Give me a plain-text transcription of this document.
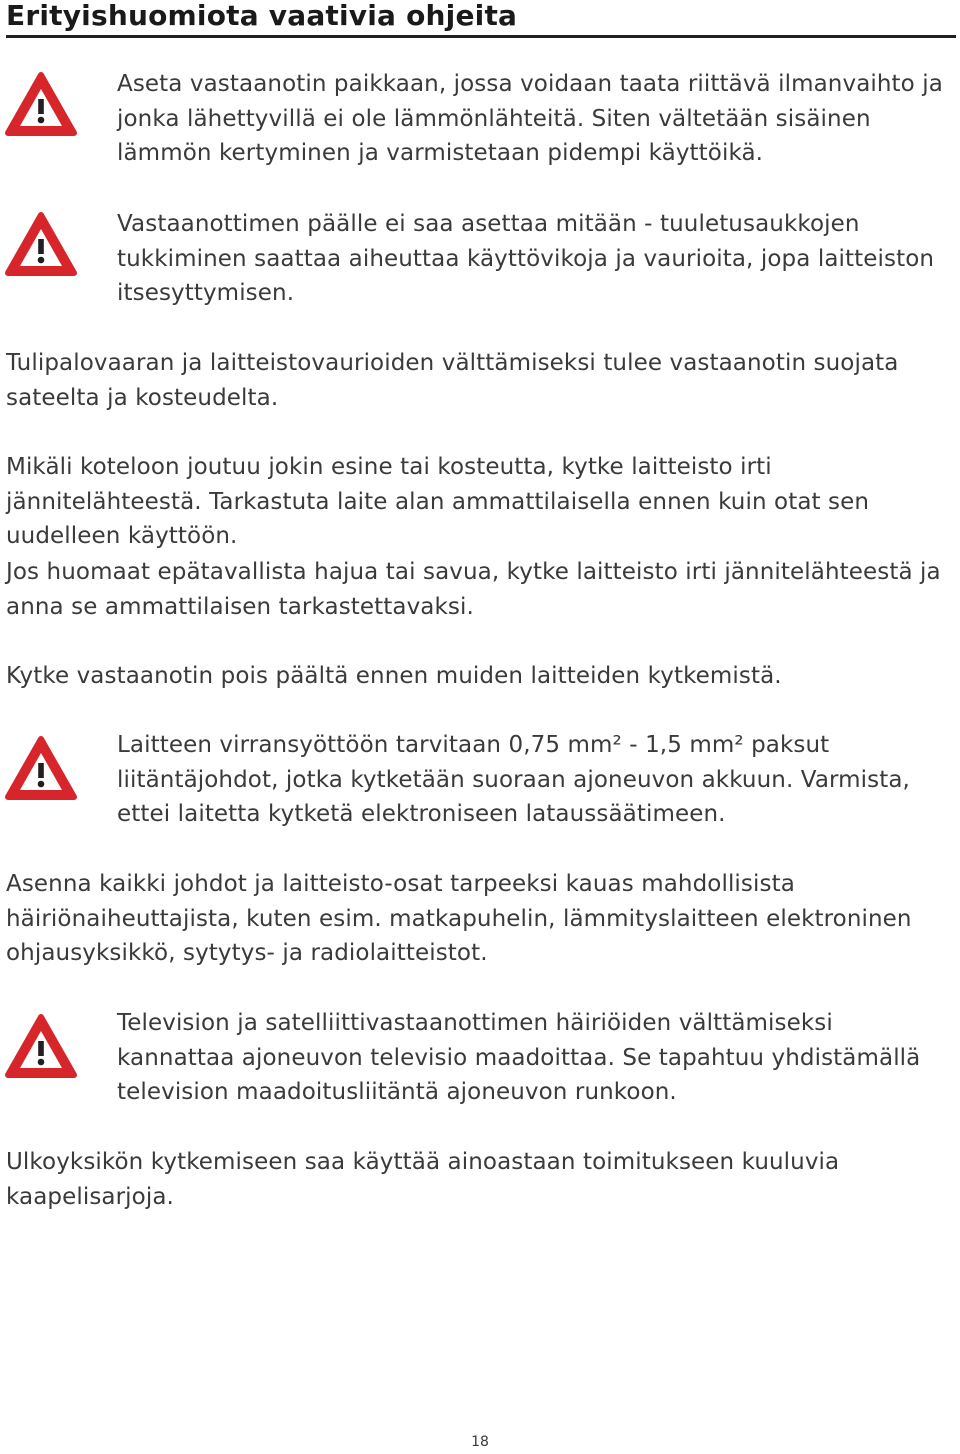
Erityishuomiota vaativia ohjeita

Aseta vastaanotin paikkaan, jossa voidaan taata riittävä ilmanvaihto ja jonka lähettyvillä ei ole lämmönlähteitä. Siten vältetään sisäinen lämmön kertyminen ja varmistetaan pidempi käyttöikä.

Vastaanottimen päälle ei saa asettaa mitään - tuuletusaukkojen tukkiminen saattaa aiheuttaa käyttövikoja ja vaurioita, jopa laitteiston itsesyttymisen.

Tulipalovaaran ja laitteistovaurioiden välttämiseksi tulee vastaanotin suojata sateelta ja kosteudelta.

Mikäli koteloon joutuu jokin esine tai kosteutta, kytke laitteisto irti jännitelähteestä. Tarkastuta laite alan ammattilaisella ennen kuin otat sen uudelleen käyttöön.

Jos huomaat epätavallista hajua tai savua, kytke laitteisto irti jännitelähteestä ja anna se ammattilaisen tarkastettavaksi.

Kytke vastaanotin pois päältä ennen muiden laitteiden kytkemistä.

Laitteen virransyöttöön tarvitaan 0,75 mm² - 1,5 mm² paksut liitäntäjohdot, jotka kytketään suoraan ajoneuvon akkuun. Varmista, ettei laitetta kytketä elektroniseen lataussäätimeen.

Asenna kaikki johdot ja laitteisto-osat tarpeeksi kauas mahdollisista häiriönaiheuttajista, kuten esim. matkapuhelin, lämmityslaitteen elektroninen ohjausyksikkö, sytytys- ja radiolaitteistot.

Television ja satelliittivastaanottimen häiriöiden välttämiseksi kannattaa ajoneuvon televisio maadoittaa. Se tapahtuu yhdistämällä television maadoitusliitäntä ajoneuvon runkoon.

Ulkoyksikön kytkemiseen saa käyttää ainoastaan toimitukseen kuuluvia kaapelisarjoja.

18
